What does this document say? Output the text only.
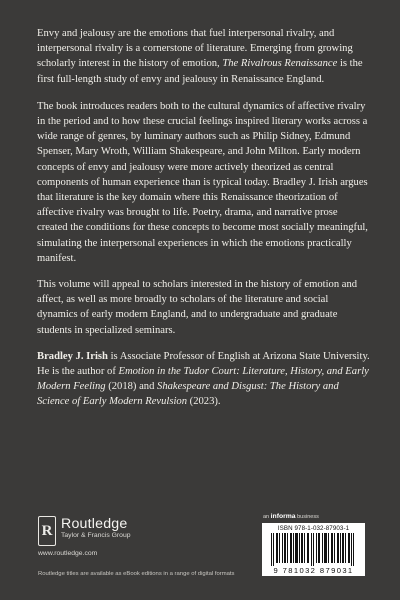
Envy and jealousy are the emotions that fuel interpersonal rivalry, and interpersonal rivalry is a cornerstone of literature. Emerging from growing scholarly interest in the history of emotion, The Rivalrous Renaissance is the first full-length study of envy and jealousy in Renaissance England.

The book introduces readers both to the cultural dynamics of affective rivalry in the period and to how these crucial feelings inspired literary works across a wide range of genres, by luminary authors such as Philip Sidney, Edmund Spenser, Mary Wroth, William Shakespeare, and John Milton. Early modern concepts of envy and jealousy were more actively theorized as central components of human experience than is typical today. Bradley J. Irish argues that literature is the key domain where this Renaissance theorization of affective rivalry was brought to life. Poetry, drama, and narrative prose created the conditions for these concepts to become most socially meaningful, simulating the interpersonal experiences in which the emotions practically manifest.

This volume will appeal to scholars interested in the history of emotion and affect, as well as more broadly to scholars of the literature and social dynamics of early modern England, and to undergraduate and graduate students in specialized seminars.

Bradley J. Irish is Associate Professor of English at Arizona State University. He is the author of Emotion in the Tudor Court: Literature, History, and Early Modern Feeling (2018) and Shakespeare and Disgust: The History and Science of Early Modern Revulsion (2023).

R Routledge
Taylor & Francis Group
www.routledge.com
Routledge titles are available as eBook editions in a range of digital formats
an informa business
ISBN 978-1-032-87903-1
9 781032 879031
